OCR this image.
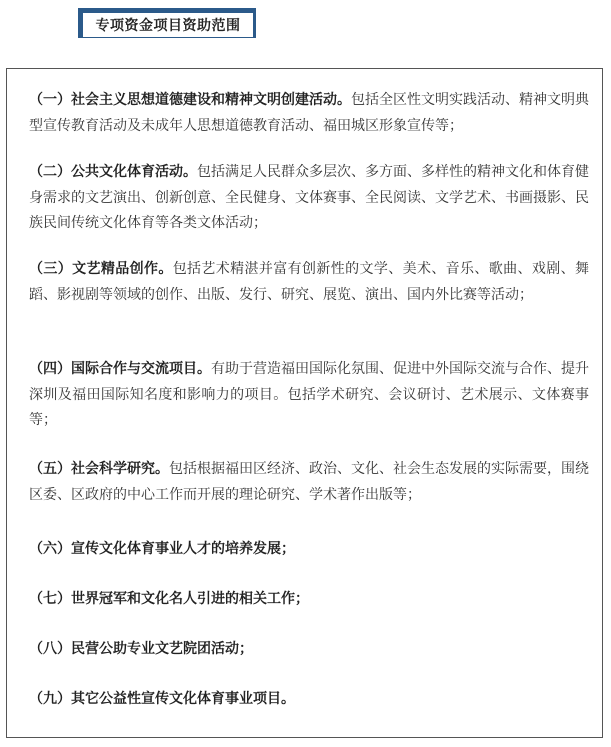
专项资金项目资助范围

（一）社会主义思想道德建设和精神文明创建活动。包括全区性文明实践活动、精神文明典型宣传教育活动及未成年人思想道德教育活动、福田城区形象宣传等；

（二）公共文化体育活动。包括满足人民群众多层次、多方面、多样性的精神文化和体育健身需求的文艺演出、创新创意、全民健身、文体赛事、全民阅读、文学艺术、书画摄影、民族民间传统文化体育等各类文体活动；

（三）文艺精品创作。包括艺术精湛并富有创新性的文学、美术、音乐、歌曲、戏剧、舞蹈、影视剧等领域的创作、出版、发行、研究、展览、演出、国内外比赛等活动；

（四）国际合作与交流项目。有助于营造福田国际化氛围、促进中外国际交流与合作、提升深圳及福田国际知名度和影响力的项目。包括学术研究、会议研讨、艺术展示、文体赛事等；

（五）社会科学研究。包括根据福田区经济、政治、文化、社会生态发展的实际需要，围绕区委、区政府的中心工作而开展的理论研究、学术著作出版等；

（六）宣传文化体育事业人才的培养发展；

（七）世界冠军和文化名人引进的相关工作；

（八）民营公助专业文艺院团活动；

（九）其它公益性宣传文化体育事业项目。
